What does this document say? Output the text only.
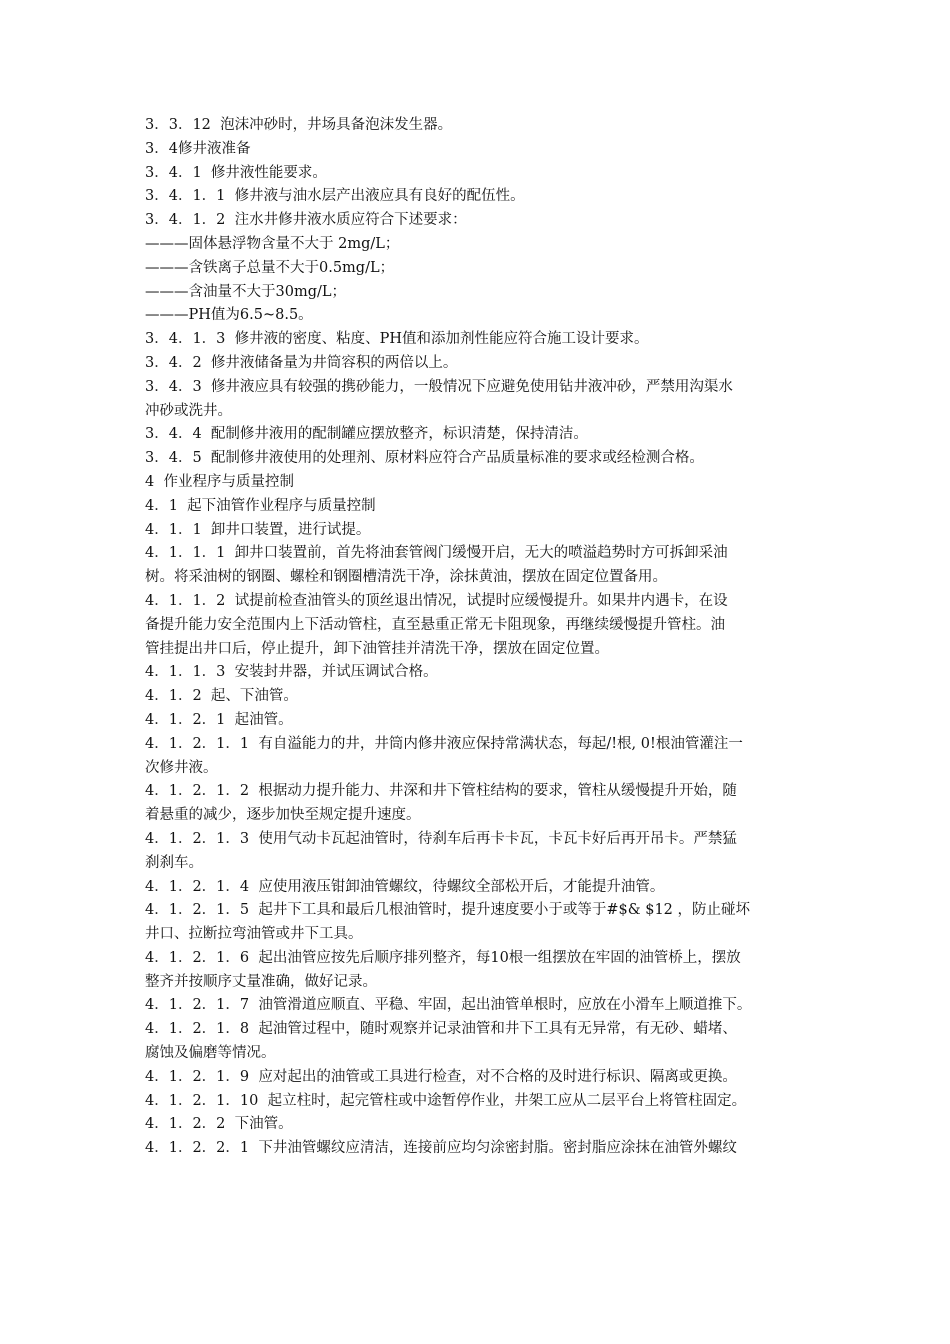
3．3．12  泡沫冲砂时，井场具备泡沫发生器。
3．4修井液准备
3．4．1  修井液性能要求。
3．4．1．1  修井液与油水层产出液应具有良好的配伍性。
3．4．1．2  注水井修井液水质应符合下述要求：
———固体悬浮物含量不大于 2mg/L；
———含铁离子总量不大于0.5mg/L；
———含油量不大于30mg/L；
———PH值为6.5~8.5。
3．4．1．3  修井液的密度、粘度、PH值和添加剂性能应符合施工设计要求。
3．4．2  修井液储备量为井筒容积的两倍以上。
3．4．3  修井液应具有较强的携砂能力，一般情况下应避免使用钻井液冲砂，严禁用沟渠水
冲砂或洗井。
3．4．4  配制修井液用的配制罐应摆放整齐，标识清楚，保持清洁。
3．4．5  配制修井液使用的处理剂、原材料应符合产品质量标准的要求或经检测合格。
4  作业程序与质量控制
4．1  起下油管作业程序与质量控制
4．1．1  卸井口装置，进行试提。
4．1．1．1  卸井口装置前，首先将油套管阀门缓慢开启，无大的喷溢趋势时方可拆卸采油
树。将采油树的钢圈、螺栓和钢圈槽清洗干净，涂抹黄油，摆放在固定位置备用。
4．1．1．2  试提前检查油管头的顶丝退出情况，试提时应缓慢提升。如果井内遇卡，在设
备提升能力安全范围内上下活动管柱，直至悬重正常无卡阻现象，再继续缓慢提升管柱。油
管挂提出井口后，停止提升，卸下油管挂并清洗干净，摆放在固定位置。
4．1．1．3  安装封井器，并试压调试合格。
4．1．2  起、下油管。
4．1．2．1  起油管。
4．1．2．1．1  有自溢能力的井，井筒内修井液应保持常满状态，每起/!根, 0!根油管灌注一
次修井液。
4．1．2．1．2  根据动力提升能力、井深和井下管柱结构的要求，管柱从缓慢提升开始，随
着悬重的减少，逐步加快至规定提升速度。
4．1．2．1．3  使用气动卡瓦起油管时，待刹车后再卡卡瓦，卡瓦卡好后再开吊卡。严禁猛
刹刹车。
4．1．2．1．4  应使用液压钳卸油管螺纹，待螺纹全部松开后，才能提升油管。
4．1．2．1．5  起井下工具和最后几根油管时，提升速度要小于或等于#$& $12 ，防止碰坏
井口、拉断拉弯油管或井下工具。
4．1．2．1．6  起出油管应按先后顺序排列整齐，每10根一组摆放在牢固的油管桥上，摆放
整齐并按顺序丈量准确，做好记录。
4．1．2．1．7  油管滑道应顺直、平稳、牢固，起出油管单根时，应放在小滑车上顺道推下。
4．1．2．1．8  起油管过程中，随时观察并记录油管和井下工具有无异常，有无砂、蜡堵、
腐蚀及偏磨等情况。
4．1．2．1．9  应对起出的油管或工具进行检查，对不合格的及时进行标识、隔离或更换。
4．1．2．1．10  起立柱时，起完管柱或中途暂停作业，井架工应从二层平台上将管柱固定。
4．1．2．2  下油管。
4．1．2．2．1  下井油管螺纹应清洁，连接前应均匀涂密封脂。密封脂应涂抹在油管外螺纹
